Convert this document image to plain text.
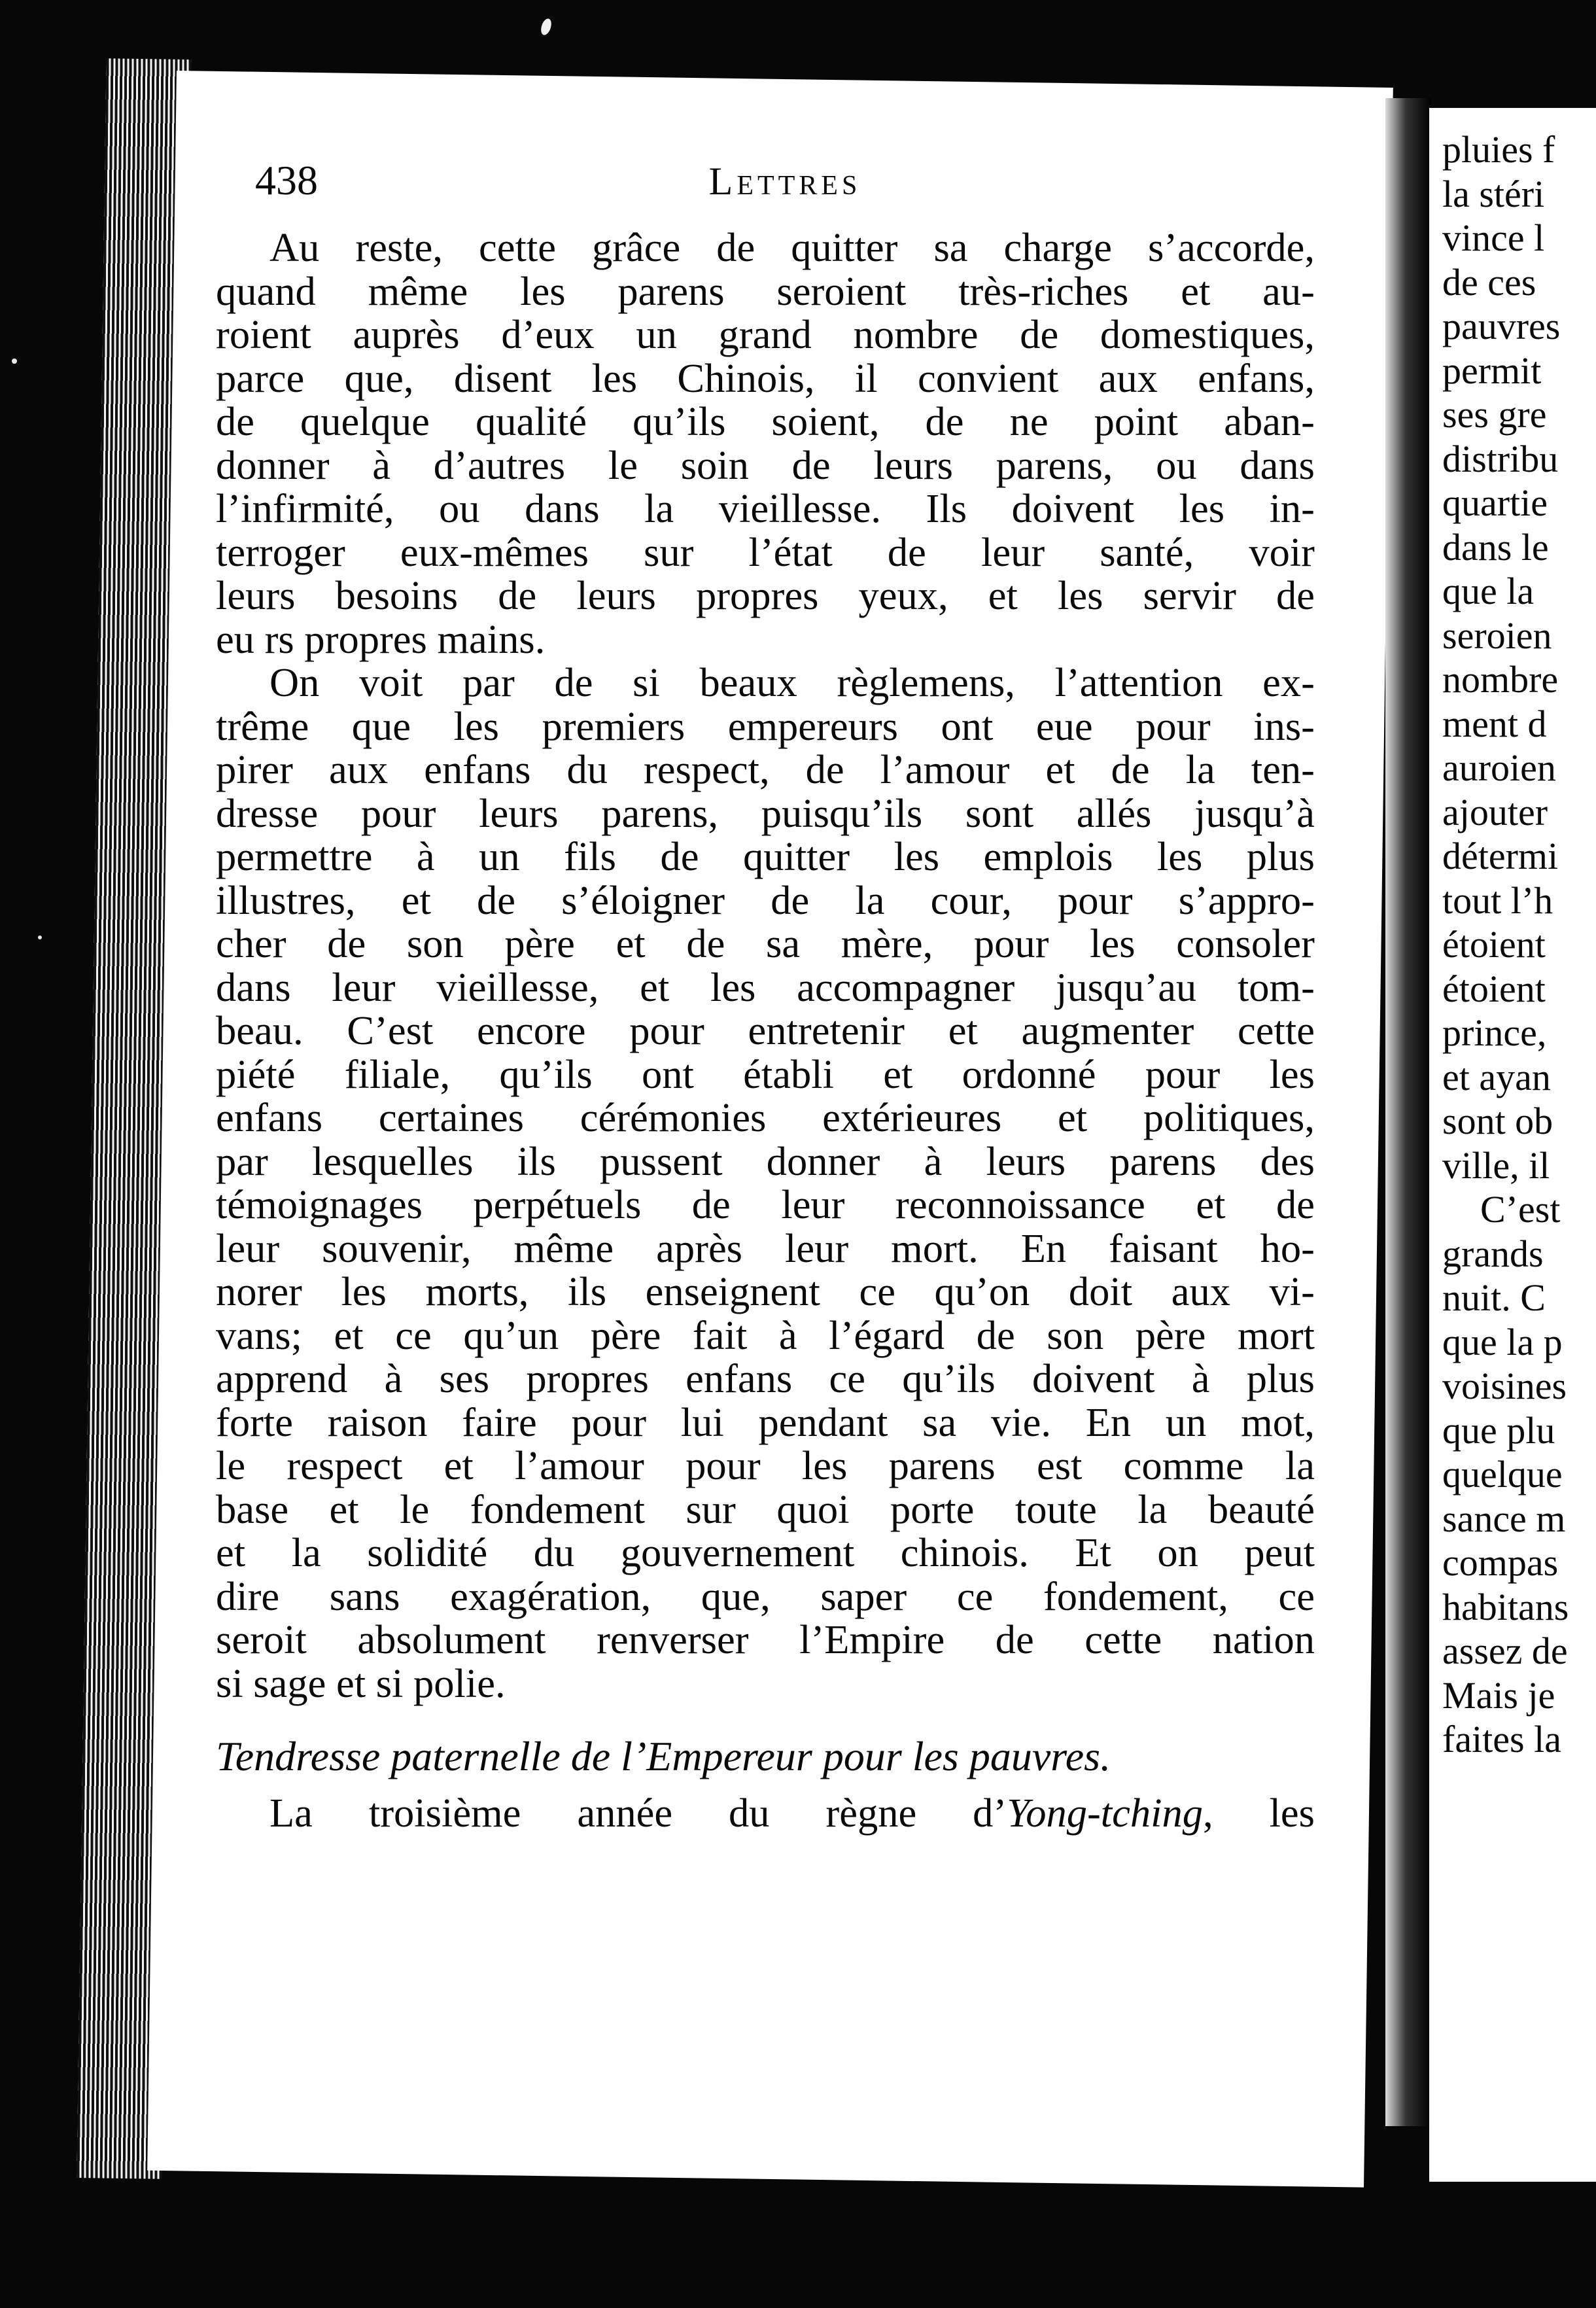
438	Lettres
Au reste, cette grâce de quitter sa charge s’accorde,
quand même les parens seroient très-riches et au-
roient auprès d’eux un grand nombre de domestiques,
parce que, disent les Chinois, il convient aux enfans,
de quelque qualité qu’ils soient, de ne point aban-
donner à d’autres le soin de leurs parens, ou dans
l’infirmité, ou dans la vieillesse. Ils doivent les in-
terroger eux-mêmes sur l’état de leur santé, voir
leurs besoins de leurs propres yeux, et les servir de
eu rs propres mains.
On voit par de si beaux règlemens, l’attention ex-
trême que les premiers empereurs ont eue pour ins-
pirer aux enfans du respect, de l’amour et de la ten-
dresse pour leurs parens, puisqu’ils sont allés jusqu’à
permettre à un fils de quitter les emplois les plus
illustres, et de s’éloigner de la cour, pour s’appro-
cher de son père et de sa mère, pour les consoler
dans leur vieillesse, et les accompagner jusqu’au tom-
beau. C’est encore pour entretenir et augmenter cette
piété filiale, qu’ils ont établi et ordonné pour les
enfans certaines cérémonies extérieures et politiques,
par lesquelles ils pussent donner à leurs parens des
témoignages perpétuels de leur reconnoissance et de
leur souvenir, même après leur mort. En faisant ho-
norer les morts, ils enseignent ce qu’on doit aux vi-
vans; et ce qu’un père fait à l’égard de son père mort
apprend à ses propres enfans ce qu’ils doivent à plus
forte raison faire pour lui pendant sa vie. En un mot,
le respect et l’amour pour les parens est comme la
base et le fondement sur quoi porte toute la beauté
et la solidité du gouvernement chinois. Et on peut
dire sans exagération, que, saper ce fondement, ce
seroit absolument renverser l’Empire de cette nation
si sage et si polie.
Tendresse paternelle de l’Empereur pour les pauvres.
La troisième année du règne d’Yong-tching, les
pluies f
la stéri
vince l
de ces
pauvres
permit
ses gre
distribu
quartie
dans le
que la
seroien
nombre
ment d
auroien
ajouter
détermi
tout l’h
étoient
étoient
prince,
et ayan
sont ob
ville, il
C’est
grands
nuit. C
que la p
voisines
que plu
quelque
sance m
compas
habitans
assez de
Mais je
faites la
